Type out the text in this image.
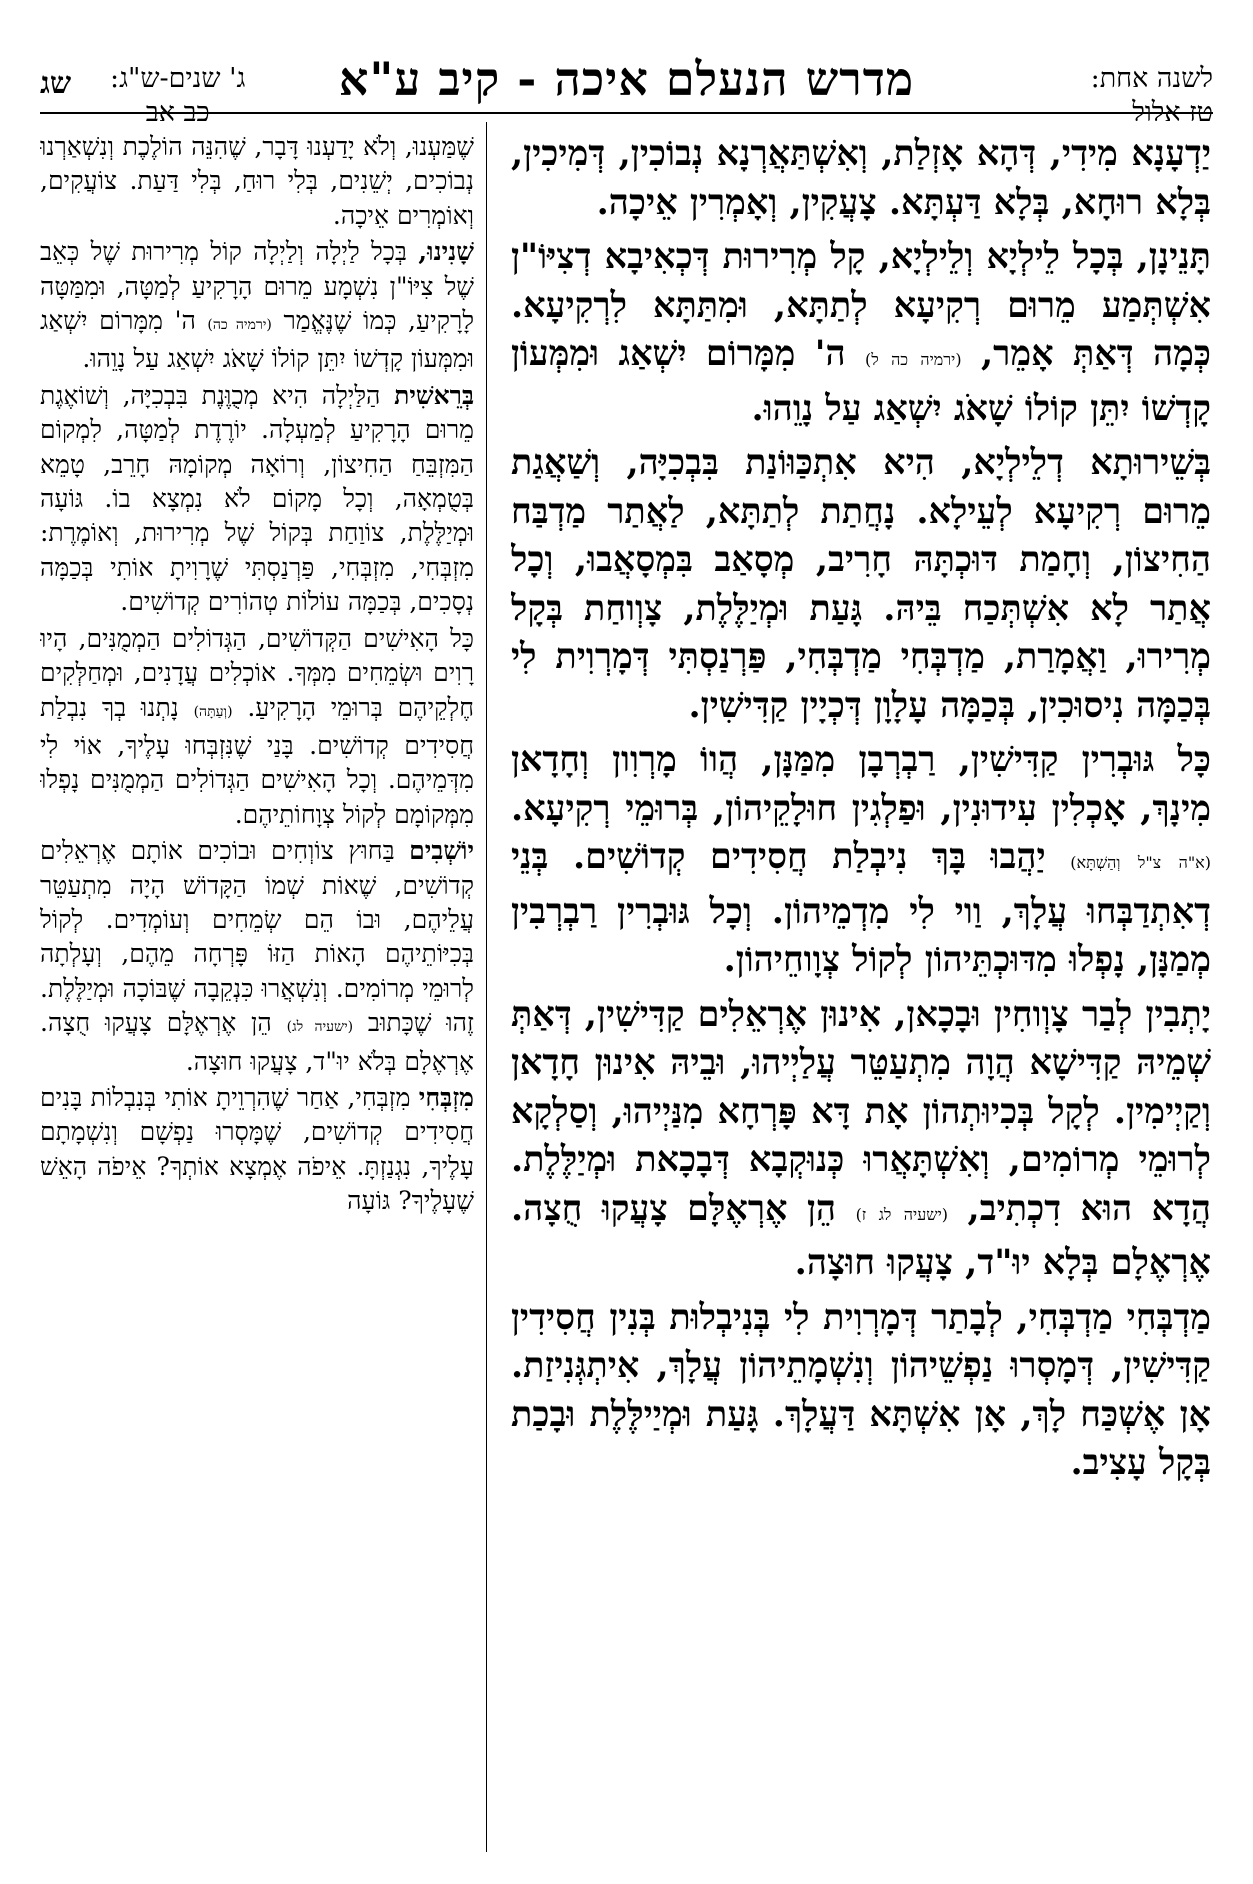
לשנה אחת:
טז אלול
מדרש הנעלם איכה - קיב ע"א
ג' שנים-ש"ג:
כב אב
שג

יַדְעָנָא מִידִי, דְּהָא אָזְלַת, וְאִשְׁתַּאֲרְנָא נְבוֹכִין, דְּמִיכִין, בְּלָא רוּחָא, בְּלָא דַּעְתָּא. צָעֲקִין, וְאָמְרִין אֵיכָה.

תָּנֵינָן, בְּכָל לֵילְיָא וְלֵילְיָא, קָל מְרִירוּת דְּכְאִיבָא דְצִיּוֹ"ן אִשְׁתְּמַע מֵרוּם רְקִיעָא לְתַתָּא, וּמִתַּתָּא לִרְקִיעָא. כְּמָה דְּאַתְּ אָמֵר, (ירמיה כה ל) ה' מִמָּרוֹם יִשְׁאַג וּמִמְּעוֹן קָדְשׁוֹ יִתֵּן קוֹלוֹ שָׁאֹג יִשְׁאַג עַל נָוֵהוּ.

בְּשֵׁירוּתָא דְלֵילְיָא, הִיא אִתְכַּוּוֹנַת בִּבְכִיָּה, וְשַׁאֲגַת מֵרוּם רְקִיעָא לְעֵילָא. נָחֲתַת לְתַתָּא, לַאֲתַר מַדְבַּח הַחִיצוֹן, וְחָמַת דּוּכְתָּהּ חָרִיב, מְסָאַב בִּמְסָאֲבוּ, וְכָל אֲתַר לָא אִשְׁתְּכַח בֵּיהּ. גָּעַת וּמְיַלֶּלֶת, צָוְוחַת בְּקָל מְרִירוּ, וַאֲמָרַת, מַדְבְּחִי מַדְבְּחִי, פַּרְנַסְתִּי דְּמָרְוִית לִי בְּכַמָּה נִיסוּכִין, בְּכַמָּה עָלָוָן דְּכְיָין קַדִּישִׁין.

כָּל גּוּבְרִין קַדִּישִׁין, רַבְרְבָן מִמַּנָּן, הֲווֹ מָרְוִון וְחָדָאן מִינָךְ, אָכְלִין עִידוּנִין, וּפַלְגִין חוּלָקֵיהוֹן, בְּרוּמֵי רְקִיעָא. (א"ה צ"ל וְהַשְׁתָּא) יַהֲבוּ בָּךְ נִיבְלַת חֲסִידִים קְדוֹשִׁים. בְּנֵי דְאִתְדַבְּחוּ עֲלָךְ, וַוי לִי מִדְמֵיהוֹן. וְכָל גּוּבְרִין רַבְרְבִין מְמַנָּן, נָפְלוּ מִדּוּכְתֵּיהוֹן לְקוֹל צְוָוחֵיהוֹן.

יָתְבִין לְבַר צָוְוחִין וּבָכָאן, אִינוּן אֶרְאֵלִים קַדִּישִׁין, דְּאַתְּ שְׁמֵיהּ קַדִּישָׁא הֲוָה מִתְעַטֵּר עֲלַיְיהוּ, וּבֵיהּ אִינוּן חָדָאן וְקַיְימִין. לְקָל בְּכִיוּתְהוֹן אָת דָּא פָּרְחָא מִנַּיְיהוּ, וְסַלְקָא לְרוּמֵי מְרוֹמִים, וְאִשְׁתָּאֲרוּ כְּנוּקְבָא דְּבָכָאת וּמְיַלֶּלֶת. הֲדָא הוּא דִכְתִיב, (ישעיה לג ז) הֵן אֶרְאֶלָּם צָעֲקוּ חֻצָה. אֶרְאֶלָם בְּלָא יוּ"ד, צָעֲקוּ חוּצָה.

מַדְבְּחִי מַדְבְּחִי, לְבָתַר דְּמָרְוִית לִי בְּנִיבְלוּת בְּנִין חֲסִידִין קַדִּישִׁין, דְּמָסְרוּ נַפְשֵׁיהוֹן וְנִשְׁמָתֵיהוֹן עֲלָךְ, אִיתְגְּנִיזַת. אָן אֶשְׁכַּח לָךְ, אָן אִשְׁתָּא דַּעֲלָךְ. גָּעַת וּמְיַילֶּלֶת וּבָכַת בְּקָל עָצִיב.

שֶׁמַּעְנוּ, וְלֹא יָדַעְנוּ דָּבָר, שֶׁהִנֵּה הוֹלֶכֶת וְנִשְׁאַרְנוּ נְבוֹכִים, יְשֵׁנִים, בְּלִי רוּחַ, בְּלִי דַּעַת. צוֹעֲקִים, וְאוֹמְרִים אֵיכָה.

שָׁנִינוּ, בְּכָל לַיְלָה וְלַיְלָה קוֹל מְרִירוּת שֶׁל כְּאֵב שֶׁל צִיּוֹ"ן נִשְׁמָע מֵרוּם הָרָקִיעַ לְמַטָּה, וּמִמַּטָּה לָרָקִיעַ, כְּמוֹ שֶׁנֶּאֱמַר (ירמיה כה) ה' מִמָּרוֹם יִשְׁאַג וּמִמְּעוֹן קָדְשׁוֹ יִתֵּן קוֹלוֹ שָׁאֹג יִשְׁאַג עַל נָוֵהוּ.

בְּרֵאשִׁית הַלַּיְלָה הִיא מְכֻוֶּנֶת בִּבְכִיָּה, וְשׁוֹאֶגֶת מֵרוּם הָרָקִיעַ לְמַעְלָה. יוֹרֶדֶת לְמַטָּה, לִמְקוֹם הַמִּזְבֵּחַ הַחִיצוֹן, וְרוֹאָה מְקוֹמָהּ חָרֵב, טָמֵא בְּטֻמְאָה, וְכָל מָקוֹם לֹא נִמְצָא בוֹ. גּוֹעָה וּמְיַלֶּלֶת, צוֹוַחַת בְּקוֹל שֶׁל מְרִירוּת, וְאוֹמֶרֶת: מִזְבְּחִי, מִזְבְּחִי, פַּרְנַסְתִּי שֶׁרָוִיתָ אוֹתִי בְּכַמָּה נְסָכִים, בְּכַמָּה עוֹלוֹת טְהוֹרִים קְדוֹשִׁים.

כָּל הָאִישִׁים הַקְּדוֹשִׁים, הַגְּדוֹלִים הַמְמֻנִּים, הָיוּ רָוִים וּשְׂמֵחִים מִמְּךָ. אוֹכְלִים עֲדָנִים, וּמְחַלְּקִים חֶלְקֵיהֶם בְּרוּמֵי הָרָקִיעַ. (וְעַתָּה) נָתְנוּ בְךָ נִבְלַת חֲסִידִים קְדוֹשִׁים. בָּנַי שֶׁנִּזְבְּחוּ עָלֶיךָ, אוֹי לִי מִדְּמֵיהֶם. וְכָל הָאִישִׁים הַגְּדוֹלִים הַמְמֻנִּים נָפְלוּ מִמְּקוֹמָם לְקוֹל צְוָחוֹתֵיהֶם.

יוֹשְׁבִים בַּחוּץ צוֹוְחִים וּבוֹכִים אוֹתָם אֶרְאֵלִים קְדוֹשִׁים, שֶׁאוֹת שְׁמוֹ הַקָּדוֹשׁ הָיָה מִתְעַטֵּר עֲלֵיהֶם, וּבוֹ הֵם שְׂמֵחִים וְעוֹמְדִים. לְקוֹל בְּכִיּוֹתֵיהֶם הָאוֹת הַזּוֹ פָּרְחָה מֵהֶם, וְעָלְתָה לְרוּמֵי מְרוֹמִים. וְנִשְׁאֲרוּ כִּנְקֵבָה שֶׁבּוֹכָה וּמְיַלֶּלֶת. זֶהוּ שֶׁכָּתוּב (ישעיה לג) הֵן אֶרְאֶלָּם צָעֲקוּ חֻצָה. אֶרְאֶלָם בְּלֹא יוּ"ד, צָעֲקוּ חוּצָה.

מִזְבְּחִי מִזְבְּחִי, אַחַר שֶׁהִרְוֵיתָ אוֹתִי בְּנִבְלוֹת בָּנִים חֲסִידִים קְדוֹשִׁים, שֶׁמָּסְרוּ נַפְשָׁם וְנִשְׁמָתָם עָלֶיךָ, נִגְנַזְתָּ. אֵיפֹה אֶמְצָא אוֹתְךָ? אֵיפֹה הָאֵשׁ שֶׁעָלֶיךָ? גּוֹעָה
